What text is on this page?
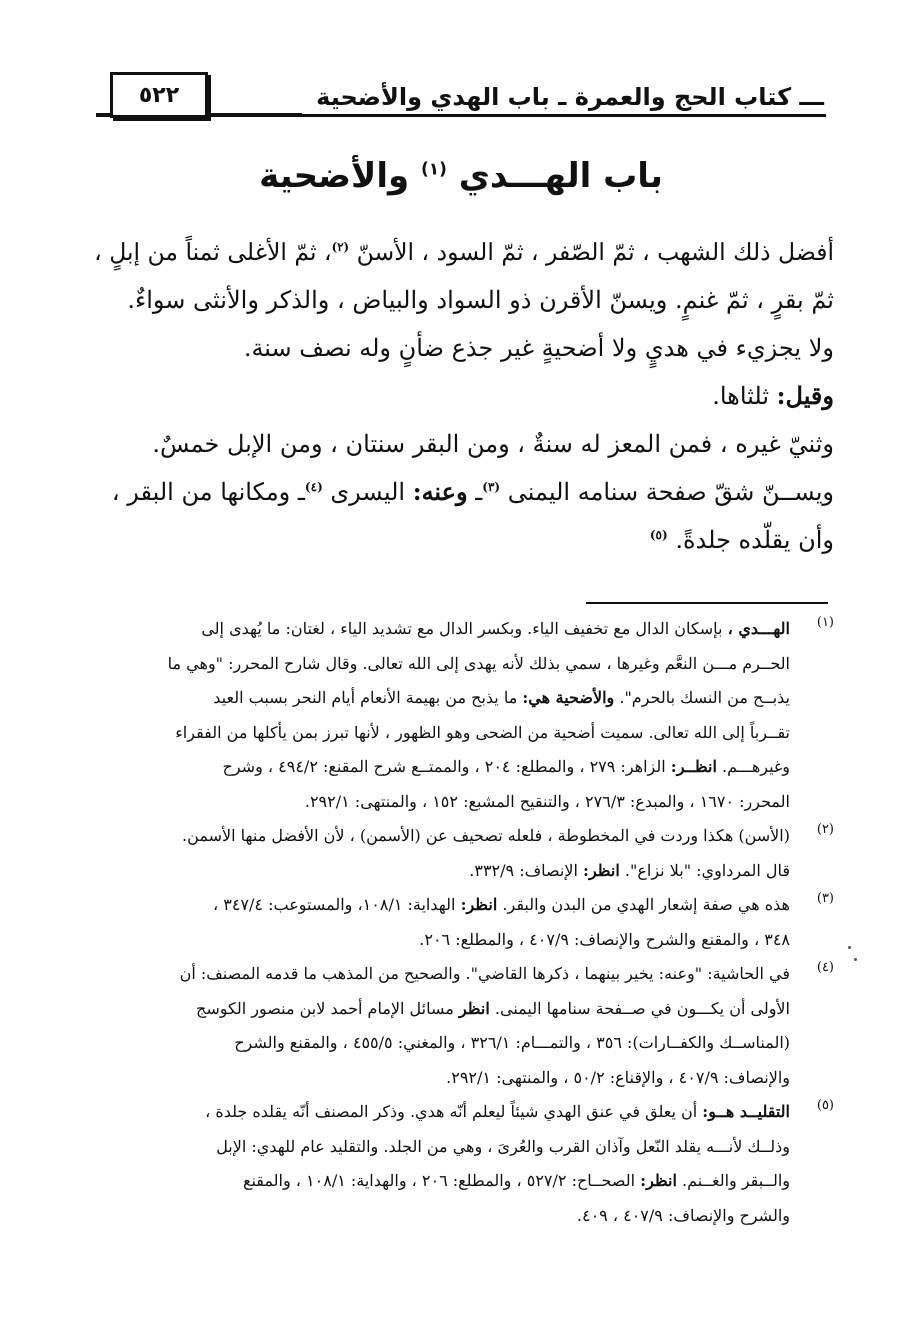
ـــ كتاب الحج والعمرة ـ باب الهدي والأضحية
٥٢٢
باب الهـــدي $^{(١)}$ والأضحية

أفضل ذلك الشهب ، ثمّ الصّفر ، ثمّ السود ، الأسنّ $^{(٢)}$، ثمّ الأغلى ثمناً من إبلٍ ،

ثمّ بقرٍ ، ثمّ غنمٍ. ويسنّ الأقرن ذو السواد والبياض ، والذكر والأنثى سواءٌ.

ولا يجزيء في هديٍ ولا أضحيةٍ غير جذع ضأنٍ وله نصف سنة.

وقيل: ثلثاها.

وثنيّ غيره ، فمن المعز له سنةٌ ، ومن البقر سنتان ، ومن الإبل خمسٌ.

ويســنّ شقّ صفحة سنامه اليمنى $^{(٣)}$ـ وعنه: اليسرى $^{(٤)}$ـ ومكانها من البقر ،

وأن يقلّده جلدةً. $^{(٥)}$

(١)

الهـــدي ، بإسكان الدال مع تخفيف الياء. وبكسر الدال مع تشديد الياء ، لغتان: ما يُهدى إلى

الحــرم مـــن النعَّم وغيرها ، سمي بذلك لأنه يهدى إلى الله تعالى. وقال شارح المحرر: "وهي ما

يذبــح من النسك بالحرم". والأضحية هي: ما يذبح من بهيمة الأنعام أيام النحر بسبب العيد

تقــرباً إلى الله تعالى. سميت أضحية من الضحى وهو الظهور ، لأنها تبرز بمن يأكلها من الفقراء

وغيرهـــم. انظــر: الزاهر: ٢٧٩ ، والمطلع: ٢٠٤ ، والممتــع شرح المقنع: ٤٩٤/٢ ، وشرح

المحرر: ١٦٧٠ ، والمبدع: ٢٧٦/٣ ، والتنقيح المشبع: ١٥٢ ، والمنتهى: ٢٩٢/١.

(٢)

(الأسن) هكذا وردت في المخطوطة ، فلعله تصحيف عن (الأسمن) ، لأن الأفضل منها الأسمن.

قال المرداوي: "بلا نزاع". انظر: الإنصاف: ٣٣٢/٩.

(٣)

هذه هي صفة إشعار الهدي من البدن والبقر. انظر: الهداية: ١٠٨/١، والمستوعب: ٣٤٧/٤ ،

٣٤٨ ، والمقنع والشرح والإنصاف: ٤٠٧/٩ ، والمطلع: ٢٠٦.

(٤)

في الحاشية: "وعنه: يخير بينهما ، ذكرها القاضي". والصحيح من المذهب ما قدمه المصنف: أن

الأولى أن يكـــون في صــفحة سنامها اليمنى. انظر مسائل الإمام أحمد لابن منصور الكوسج

(المناســك والكفــارات): ٣٥٦ ، والتمـــام: ٣٢٦/١ ، والمغني: ٤٥٥/٥ ، والمقنع والشرح

والإنصاف: ٤٠٧/٩ ، والإقناع: ٥٠/٢ ، والمنتهى: ٢٩٢/١.

(٥)

التقليــد هــو: أن يعلق في عنق الهدي شيئاً ليعلم أنّه هدي. وذكر المصنف أنّه يقلده جلدة ،

وذلــك لأنـــه يقلد النّعل وآذان القرب والعُرىَ ، وهي من الجلد. والتقليد عام للهدي: الإبل

والــبقر والغــنم. انظر: الصحــاح: ٥٢٧/٢ ، والمطلع: ٢٠٦ ، والهداية: ١٠٨/١ ، والمقنع

والشرح والإنصاف: ٤٠٧/٩ ، ٤٠٩.
